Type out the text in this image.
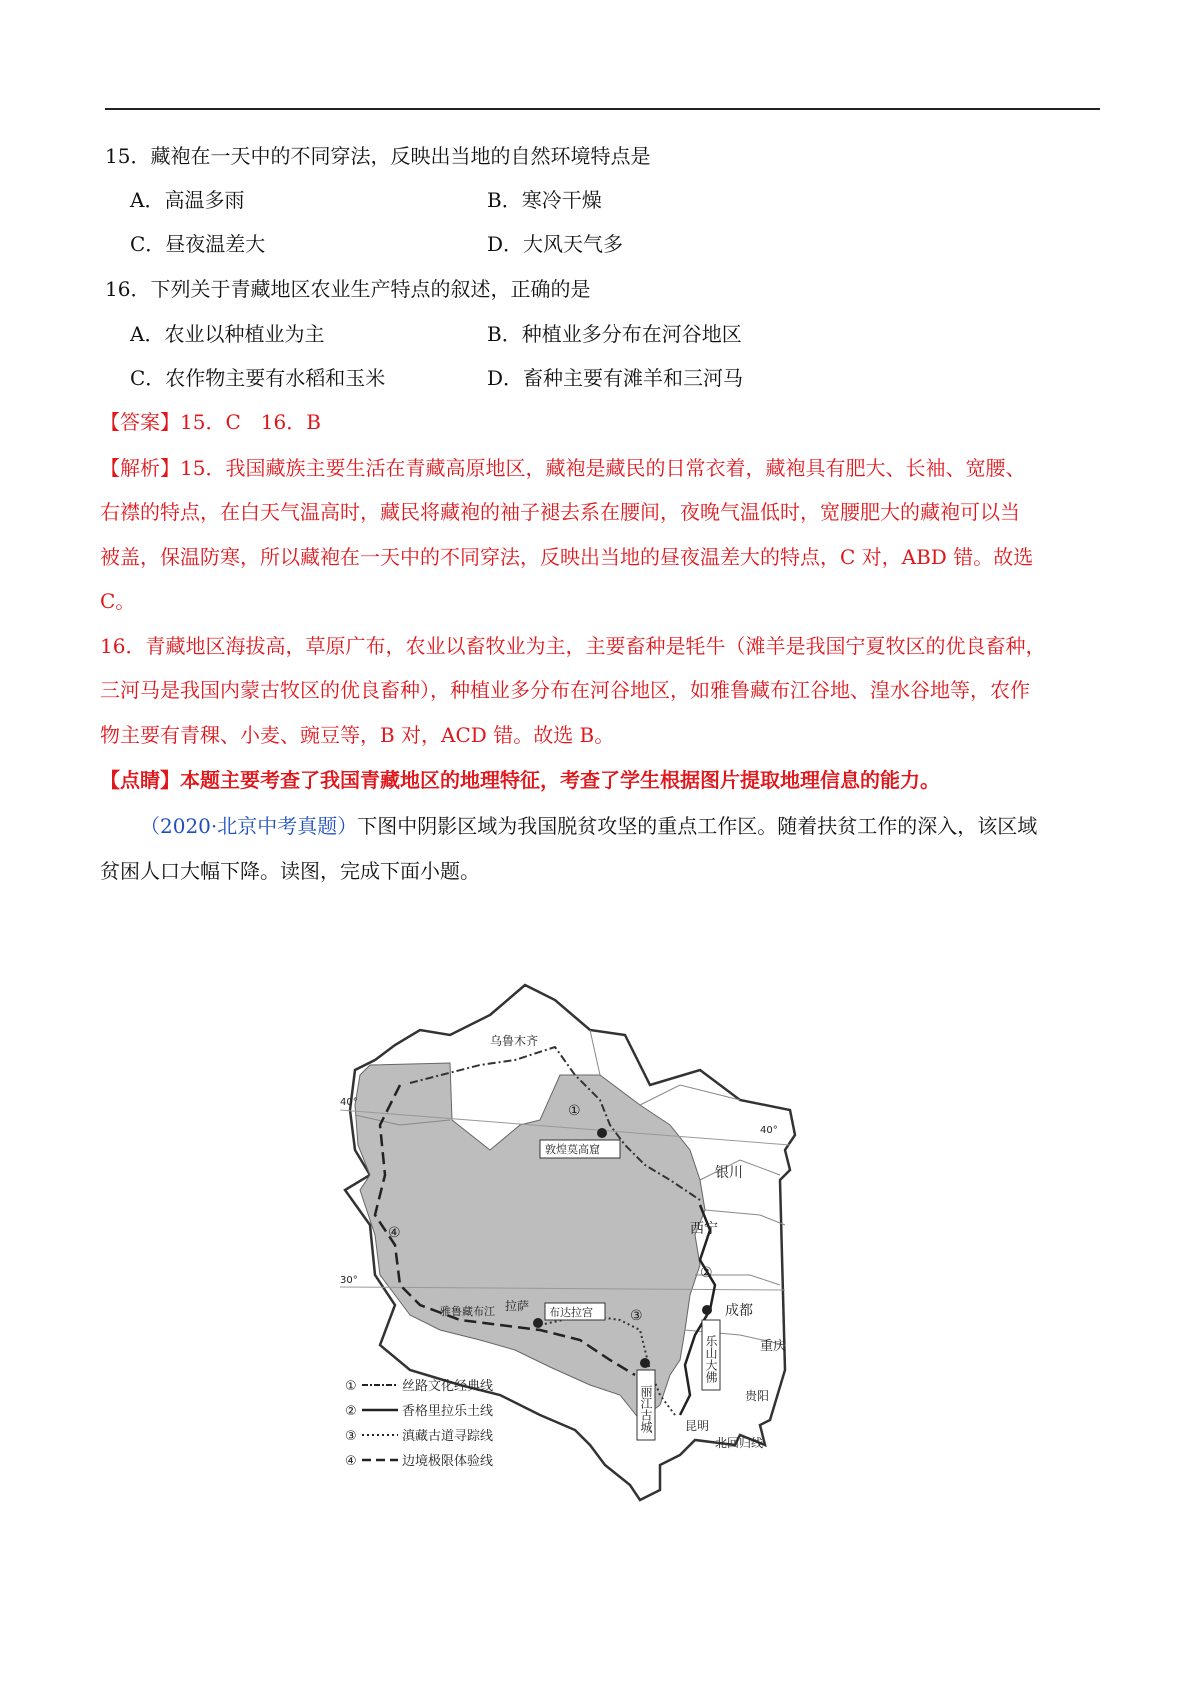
15．藏袍在一天中的不同穿法，反映出当地的自然环境特点是
A．高温多雨	B．寒冷干燥
C．昼夜温差大	D．大风天气多
16．下列关于青藏地区农业生产特点的叙述，正确的是
A．农业以种植业为主	B．种植业多分布在河谷地区
C．农作物主要有水稻和玉米	D．畜种主要有滩羊和三河马
【答案】15．C　16．B
【解析】15．我国藏族主要生活在青藏高原地区，藏袍是藏民的日常衣着，藏袍具有肥大、长袖、宽腰、
右襟的特点，在白天气温高时，藏民将藏袍的袖子褪去系在腰间，夜晚气温低时，宽腰肥大的藏袍可以当
被盖，保温防寒，所以藏袍在一天中的不同穿法，反映出当地的昼夜温差大的特点，C 对，ABD 错。故选
C。
16．青藏地区海拔高，草原广布，农业以畜牧业为主，主要畜种是牦牛（滩羊是我国宁夏牧区的优良畜种，
三河马是我国内蒙古牧区的优良畜种），种植业多分布在河谷地区，如雅鲁藏布江谷地、湟水谷地等，农作
物主要有青稞、小麦、豌豆等，B 对，ACD 错。故选 B。
【点睛】本题主要考查了我国青藏地区的地理特征，考查了学生根据图片提取地理信息的能力。
（2020·北京中考真题）下图中阴影区域为我国脱贫攻坚的重点工作区。随着扶贫工作的深入，该区域
贫困人口大幅下降。读图，完成下面小题。
乌鲁木齐
敦煌莫高窟
银川
西宁
成都
重庆
贵阳
昆明
拉萨 布达拉宫
雅鲁藏布江
北回归线
40°
40°
30°
乐山大佛
丽江古城
①
②
③
④
①	丝路文化经典线
②	香格里拉乐土线
③	滇藏古道寻踪线
④	边境极限体验线
